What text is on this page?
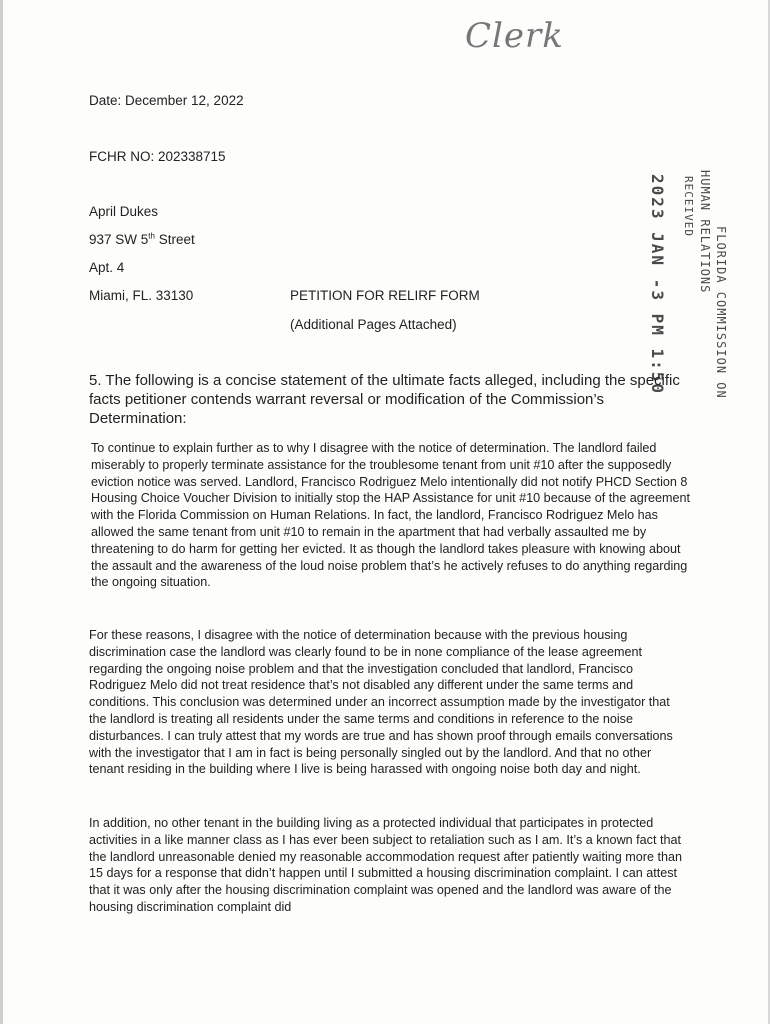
Clerk
Date: December 12, 2022
FCHR NO: 202338715
April Dukes
937 SW 5th Street
Apt. 4
Miami, FL. 33130	PETITION FOR RELIRF FORM
(Additional Pages Attached)	FLORIDA COMMISSION ON
HUMAN RELATIONS
RECEIVED
2023 JAN -3 PM 1:50
5. The following is a concise statement of the ultimate facts alleged, including the specific facts petitioner contends warrant reversal or modification of the Commission’s Determination:
To continue to explain further as to why I disagree with the notice of determination. The landlord failed miserably to properly terminate assistance for the troublesome tenant from unit #10 after the supposedly eviction notice was served. Landlord, Francisco Rodriguez Melo intentionally did not notify PHCD Section 8 Housing Choice Voucher Division to initially stop the HAP Assistance for unit #10 because of the agreement with the Florida Commission on Human Relations. In fact, the landlord, Francisco Rodriguez Melo has allowed the same tenant from unit #10 to remain in the apartment that had verbally assaulted me by threatening to do harm for getting her evicted. It as though the landlord takes pleasure with knowing about the assault and the awareness of the loud noise problem that’s he actively refuses to do anything regarding the ongoing situation.
For these reasons, I disagree with the notice of determination because with the previous housing discrimination case the landlord was clearly found to be in none compliance of the lease agreement regarding the ongoing noise problem and that the investigation concluded that landlord, Francisco Rodriguez Melo did not treat residence that’s not disabled any different under the same terms and conditions. This conclusion was determined under an incorrect assumption made by the investigator that the landlord is treating all residents under the same terms and conditions in reference to the noise disturbances. I can truly attest that my words are true and has shown proof through emails conversations with the investigator that I am in fact is being personally singled out by the landlord. And that no other tenant residing in the building where I live is being harassed with ongoing noise both day and night.
In addition, no other tenant in the building living as a protected individual that participates in protected activities in a like manner class as I has ever been subject to retaliation such as I am. It’s a known fact that the landlord unreasonable denied my reasonable accommodation request after patiently waiting more than 15 days for a response that didn’t happen until I submitted a housing discrimination complaint. I can attest that it was only after the housing discrimination complaint was opened and the landlord was aware of the housing discrimination complaint did
